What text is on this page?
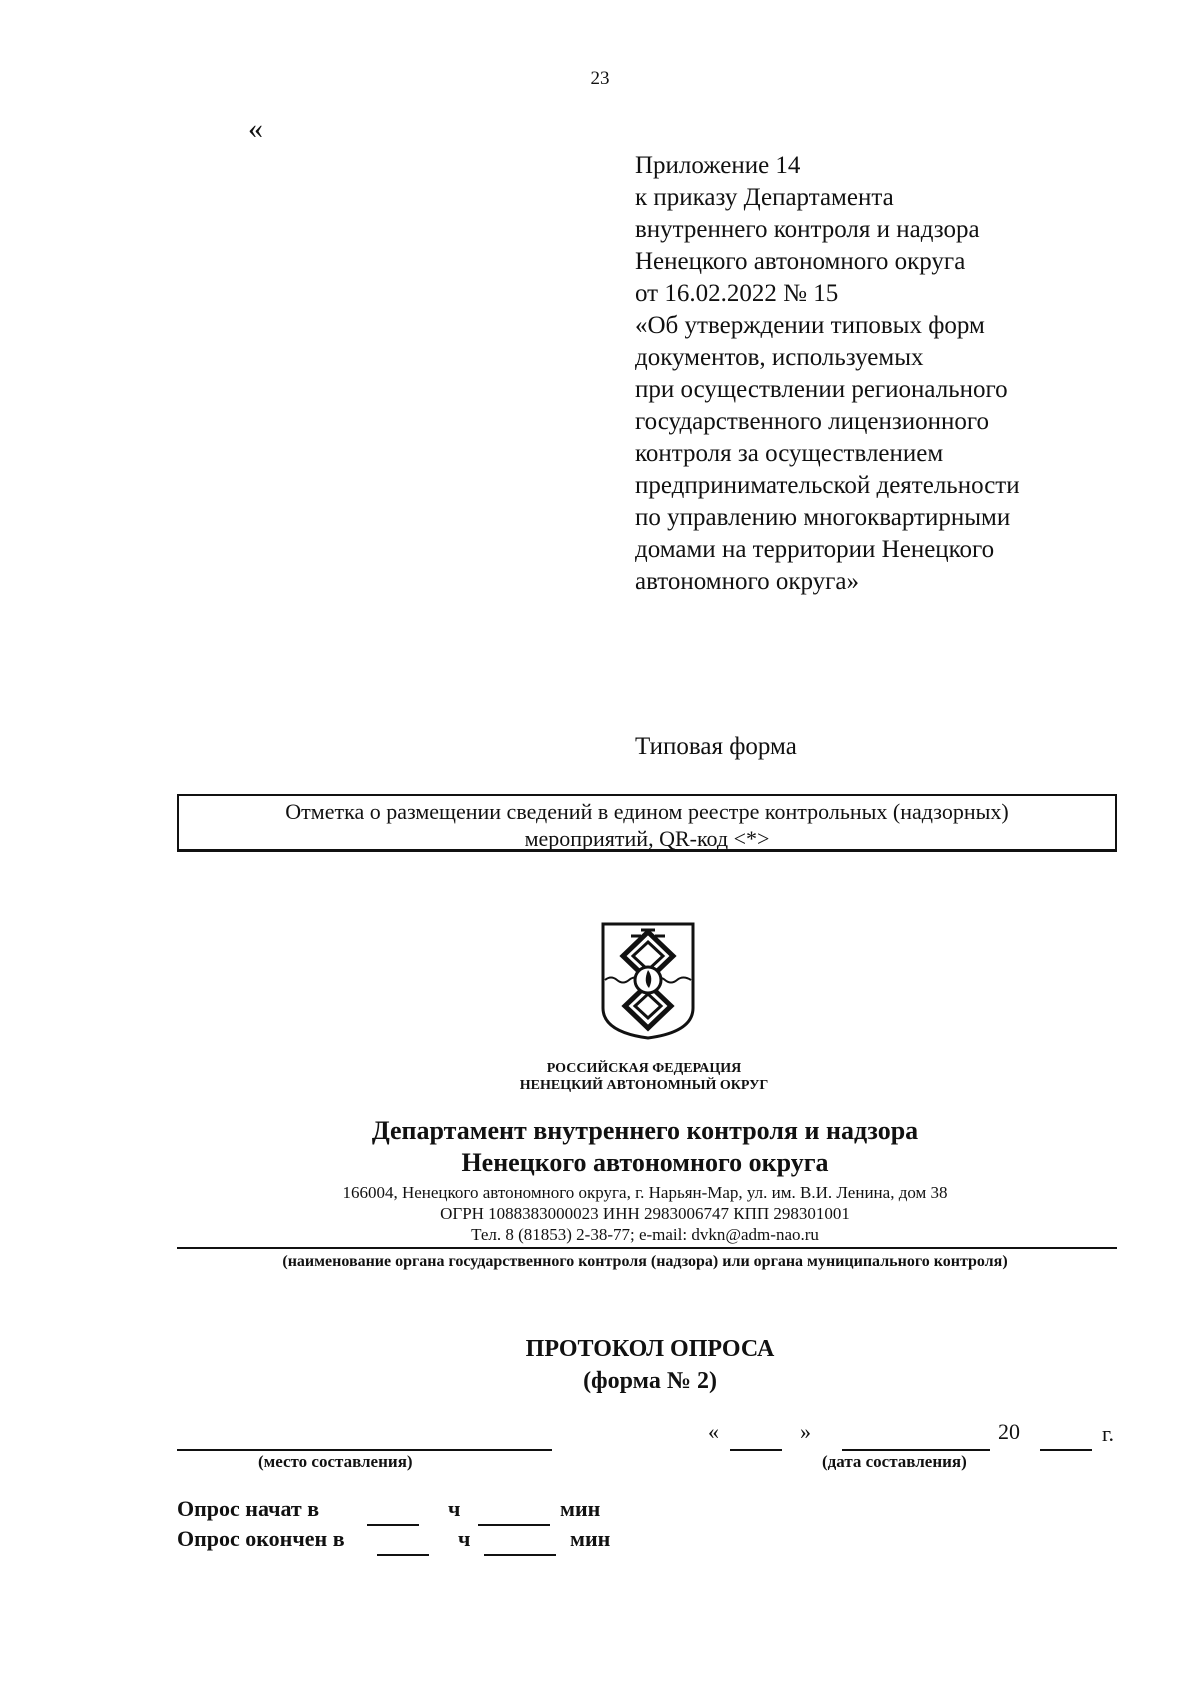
23
«
Приложение 14
к приказу Департамента
внутреннего контроля и надзора
Ненецкого автономного округа
от 16.02.2022 № 15
«Об утверждении типовых форм
документов, используемых
при осуществлении регионального
государственного лицензионного
контроля за осуществлением
предпринимательской деятельности
по управлению многоквартирными
домами на территории Ненецкого
автономного округа»
Типовая форма
Отметка о размещении сведений в едином реестре контрольных (надзорных)
мероприятий, QR-код <*>
РОССИЙСКАЯ ФЕДЕРАЦИЯ
НЕНЕЦКИЙ АВТОНОМНЫЙ ОКРУГ
Департамент внутреннего контроля и надзора
Ненецкого автономного округа
166004, Ненецкого автономного округа, г. Нарьян-Мар, ул. им. В.И. Ленина, дом 38
ОГРН 1088383000023 ИНН 2983006747 КПП 298301001
Тел. 8 (81853) 2-38-77; e-mail: dvkn@adm-nao.ru
(наименование органа государственного контроля (надзора) или органа муниципального контроля)
ПРОТОКОЛ ОПРОСА
(форма № 2)
(место составления)
«	»	20	г.
(дата составления)
Опрос начат в	ч	мин
Опрос окончен в	ч	мин
